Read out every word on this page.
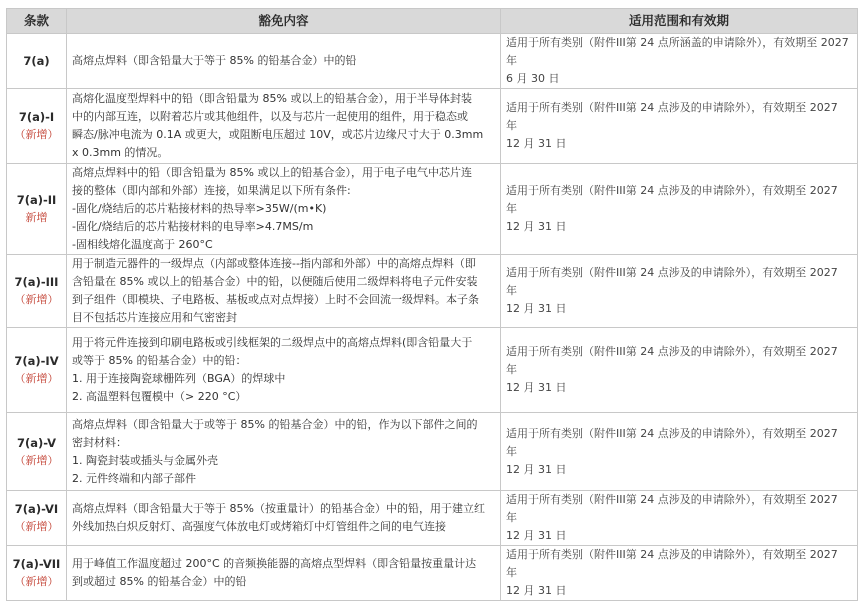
条款	豁免内容	适用范围和有效期
7(a)	高熔点焊料（即含铅量大于等于 85% 的铅基合金）中的铅	适用于所有类别（附件III第 24 点所涵盖的申请除外），有效期至 2027 年
6 月 30 日

7(a)-I
（新增）	高熔化温度型焊料中的铅（即含铅量为 85% 或以上的铅基合金），用于半导体封装
中的内部互连，以附着芯片或其他组件，以及与芯片一起使用的组件，用于稳态或
瞬态/脉冲电流为 0.1A 或更大，或阻断电压超过 10V，或芯片边缘尺寸大于 0.3mm
x 0.3mm 的情况。	适用于所有类别（附件III第 24 点涉及的申请除外），有效期至 2027 年
12 月 31 日

7(a)-II
新增	高熔点焊料中的铅（即含铅量为 85% 或以上的铅基合金），用于电子电气中芯片连
接的整体（即内部和外部）连接，如果满足以下所有条件:
-固化/烧结后的芯片粘接材料的热导率>35W/(m•K)
-固化/烧结后的芯片粘接材料的电导率>4.7MS/m
-固相线熔化温度高于 260°C	适用于所有类别（附件III第 24 点涉及的申请除外），有效期至 2027 年
12 月 31 日

7(a)-III
（新增）	用于制造元器件的一级焊点（内部或整体连接--指内部和外部）中的高熔点焊料（即
含铅量在 85% 或以上的铅基合金）中的铅，以便随后使用二级焊料将电子元件安装
到子组件（即模块、子电路板、基板或点对点焊接）上时不会回流一级焊料。本子条
目不包括芯片连接应用和气密密封	适用于所有类别（附件III第 24 点涉及的申请除外），有效期至 2027 年
12 月 31 日

7(a)-IV
（新增）	用于将元件连接到印刷电路板或引线框架的二级焊点中的高熔点焊料(即含铅量大于
或等于 85% 的铅基合金）中的铅：
1. 用于连接陶瓷球栅阵列（BGA）的焊球中
2. 高温塑料包覆模中（> 220 °C）	适用于所有类别（附件III第 24 点涉及的申请除外），有效期至 2027 年
12 月 31 日

7(a)-V
（新增）	高熔点焊料（即含铅量大于或等于 85% 的铅基合金）中的铅，作为以下部件之间的
密封材料：
1. 陶瓷封装或插头与金属外壳
2. 元件终端和内部子部件	适用于所有类别（附件III第 24 点涉及的申请除外），有效期至 2027 年
12 月 31 日

7(a)-VI
（新增）	高熔点焊料（即含铅量大于等于 85%（按重量计）的铅基合金）中的铅，用于建立红
外线加热白炽反射灯、高强度气体放电灯或烤箱灯中灯管组件之间的电气连接	适用于所有类别（附件III第 24 点涉及的申请除外），有效期至 2027 年
12 月 31 日

7(a)-VII
（新增）	用于峰值工作温度超过 200°C 的音频换能器的高熔点型焊料（即含铅量按重量计达
到或超过 85% 的铅基合金）中的铅	适用于所有类别（附件III第 24 点涉及的申请除外），有效期至 2027 年
12 月 31 日
